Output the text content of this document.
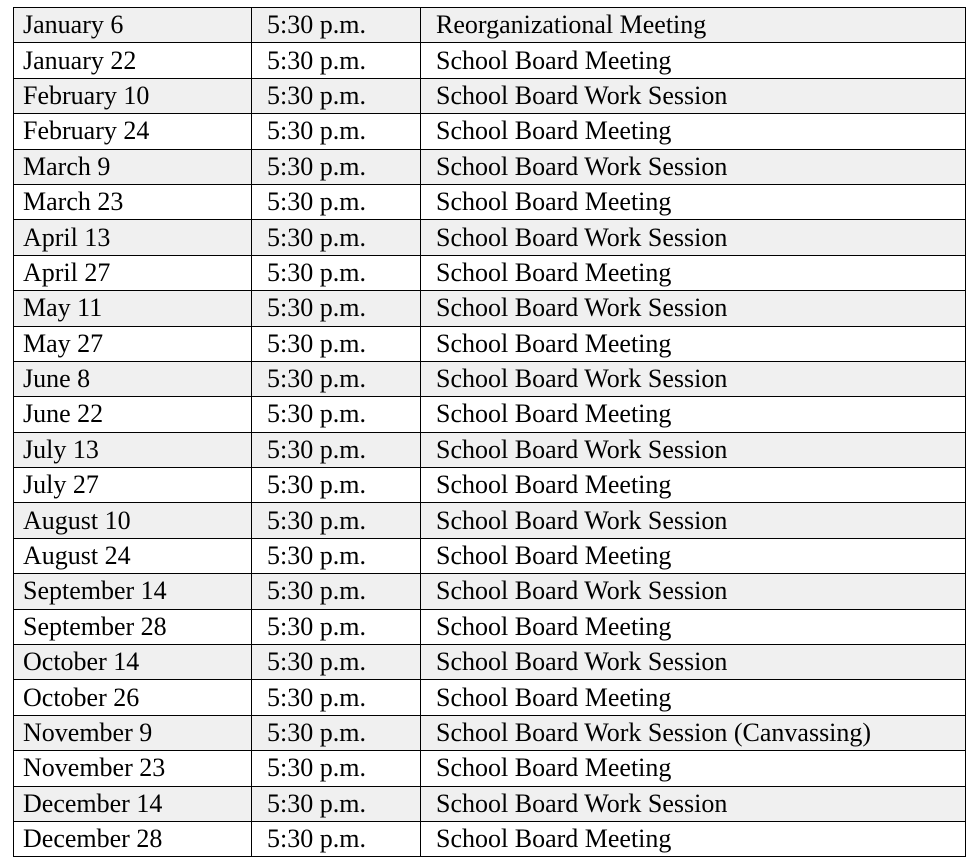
January 6	5:30 p.m.	Reorganizational Meeting
January 22	5:30 p.m.	School Board Meeting
February 10	5:30 p.m.	School Board Work Session
February 24	5:30 p.m.	School Board Meeting
March 9	5:30 p.m.	School Board Work Session
March 23	5:30 p.m.	School Board Meeting
April 13	5:30 p.m.	School Board Work Session
April 27	5:30 p.m.	School Board Meeting
May 11	5:30 p.m.	School Board Work Session
May 27	5:30 p.m.	School Board Meeting
June 8	5:30 p.m.	School Board Work Session
June 22	5:30 p.m.	School Board Meeting
July 13	5:30 p.m.	School Board Work Session
July 27	5:30 p.m.	School Board Meeting
August 10	5:30 p.m.	School Board Work Session
August 24	5:30 p.m.	School Board Meeting
September 14	5:30 p.m.	School Board Work Session
September 28	5:30 p.m.	School Board Meeting
October 14	5:30 p.m.	School Board Work Session
October 26	5:30 p.m.	School Board Meeting
November 9	5:30 p.m.	School Board Work Session (Canvassing)
November 23	5:30 p.m.	School Board Meeting
December 14	5:30 p.m.	School Board Work Session
December 28	5:30 p.m.	School Board Meeting
